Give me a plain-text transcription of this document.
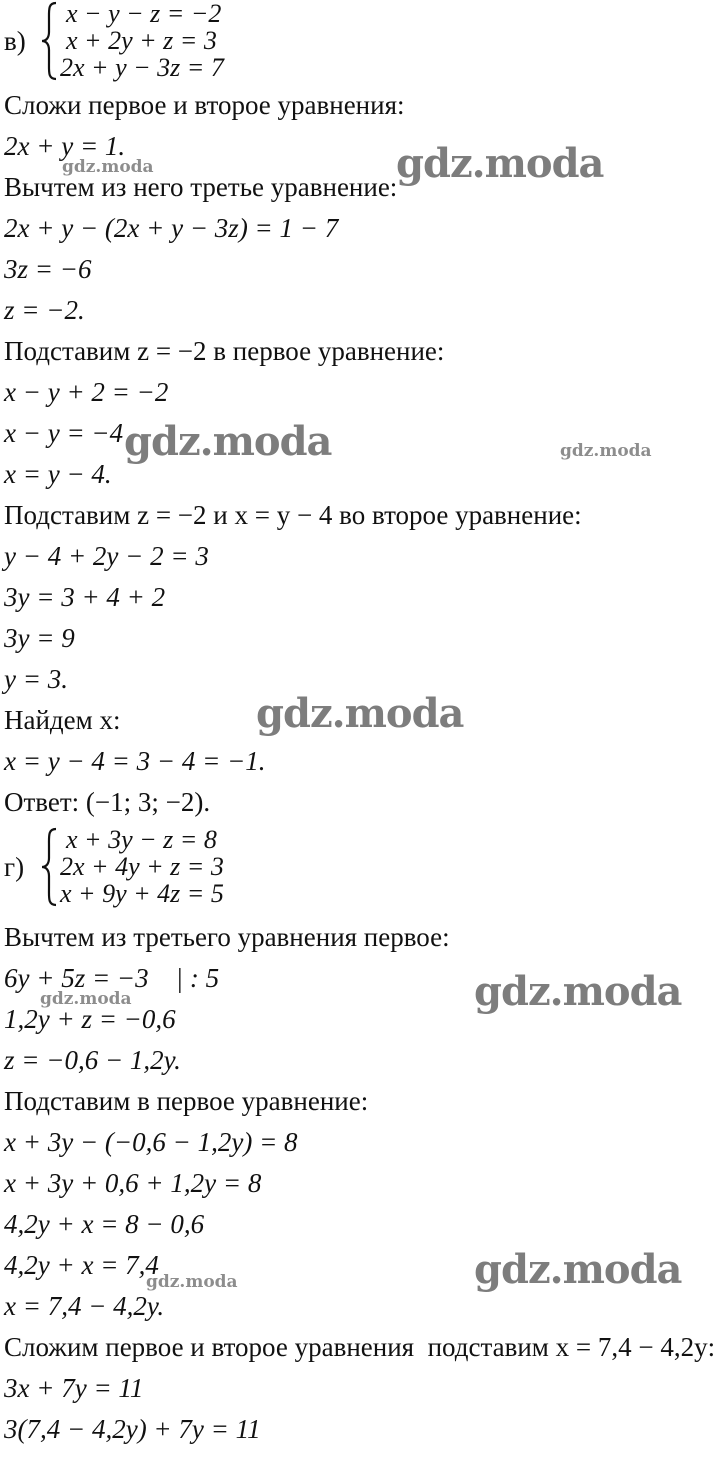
в)
x − y − z = −2
x + 2y + z = 3
2x + y − 3z = 7
Сложи первое и второе уравнения:
2x + y = 1.
Вычтем из него третье уравнение:
2x + y − (2x + y − 3z) = 1 − 7
3z = −6
z = −2.
Подставим z = −2 в первое уравнение:
x − y + 2 = −2
x − y = −4
x = y − 4.
Подставим z = −2 и x = y − 4 во второе уравнение:
y − 4 + 2y − 2 = 3
3y = 3 + 4 + 2
3y = 9
y = 3.
Найдем x:
x = y − 4 = 3 − 4 = −1.
Ответ: (−1; 3; −2).
г)
x + 3y − z = 8
2x + 4y + z = 3
x + 9y + 4z = 5
Вычтем из третьего уравнения первое:
6y + 5z = −3    | : 5
1,2y + z = −0,6
z = −0,6 − 1,2y.
Подставим в первое уравнение:
x + 3y − (−0,6 − 1,2y) = 8
x + 3y + 0,6 + 1,2y = 8
4,2y + x = 8 − 0,6
4,2y + x = 7,4
x = 7,4 − 4,2y.
Сложим первое и второе уравнения  подставим x = 7,4 − 4,2y:
3x + 7y = 11
3(7,4 − 4,2y) + 7y = 11
gdz.moda	gdz.moda
gdz.moda	gdz.moda
gdz.moda
gdz.moda
gdz.moda
gdz.moda
gdz.moda
